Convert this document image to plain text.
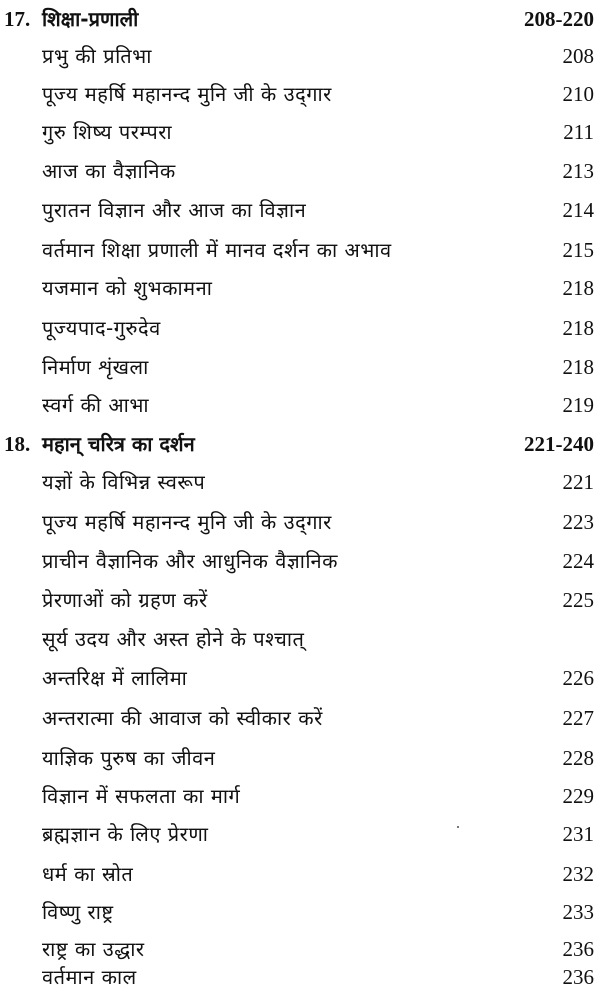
17. शिक्षा-प्रणाली	208-220
प्रभु की प्रतिभा	208
पूज्य महर्षि महानन्द मुनि जी के उद्‌गार	210
गुरु शिष्य परम्परा	211
आज का वैज्ञानिक	213
पुरातन विज्ञान और आज का विज्ञान	214
वर्तमान शिक्षा प्रणाली में मानव दर्शन का अभाव	215
यजमान को शुभकामना	218
पूज्यपाद-गुरुदेव	218
निर्माण शृंखला	218
स्वर्ग की आभा	219
18. महान् चरित्र का दर्शन	221-240
यज्ञों के विभिन्न स्वरूप	221
पूज्य महर्षि महानन्द मुनि जी के उद्‌गार	223
प्राचीन वैज्ञानिक और आधुनिक वैज्ञानिक	224
प्रेरणाओं को ग्रहण करें	225
सूर्य उदय और अस्त होने के पश्चात्
अन्तरिक्ष में लालिमा	226
अन्तरात्मा की आवाज को स्वीकार करें	227
याज्ञिक पुरुष का जीवन	228
विज्ञान में सफलता का मार्ग	229
ब्रह्मज्ञान के लिए प्रेरणा	231
धर्म का स्रोत	232
विष्णु राष्ट्र	233
राष्ट्र का उद्धार	236
वर्तमान काल	236
